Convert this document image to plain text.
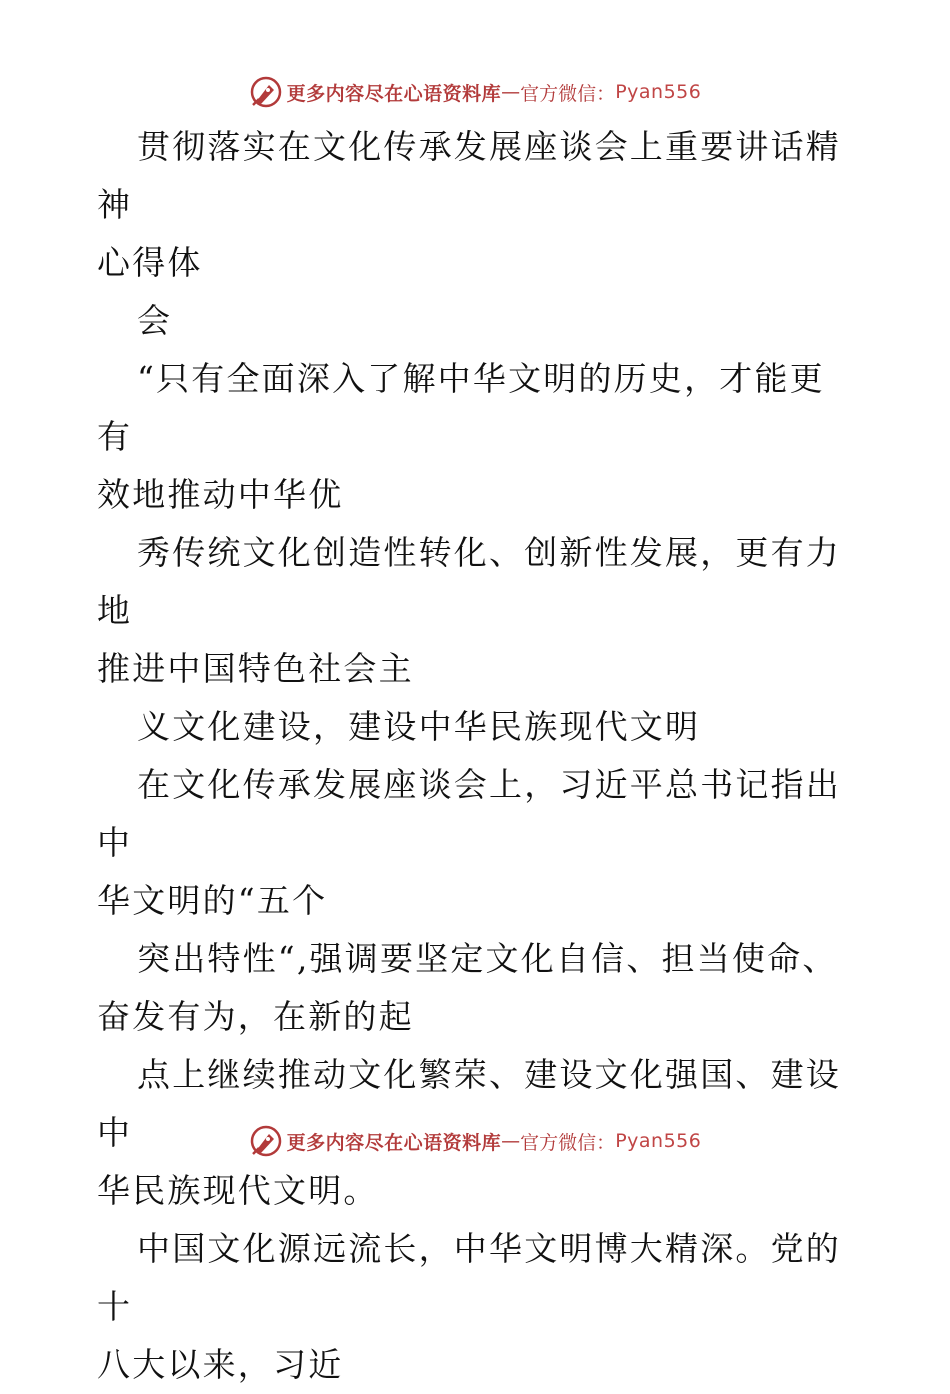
更多内容尽在心语资料库 — 官方微信： Pyan556

贯彻落实在文化传承发展座谈会上重要讲话精神

心得体

会

“只有全面深入了解中华文明的历史，才能更有

效地推动中华优

秀传统文化创造性转化、创新性发展，更有力地

推进中国特色社会主

义文化建设，建设中华民族现代文明

在文化传承发展座谈会上，习近平总书记指出中

华文明的“五个

突出特性“,强调要坚定文化自信、担当使命、

奋发有为，在新的起

点上继续推动文化繁荣、建设文化强国、建设中

华民族现代文明。

中国文化源远流长，中华文明博大精深。党的十

八大以来，习近

更多内容尽在心语资料库 — 官方微信： Pyan556
